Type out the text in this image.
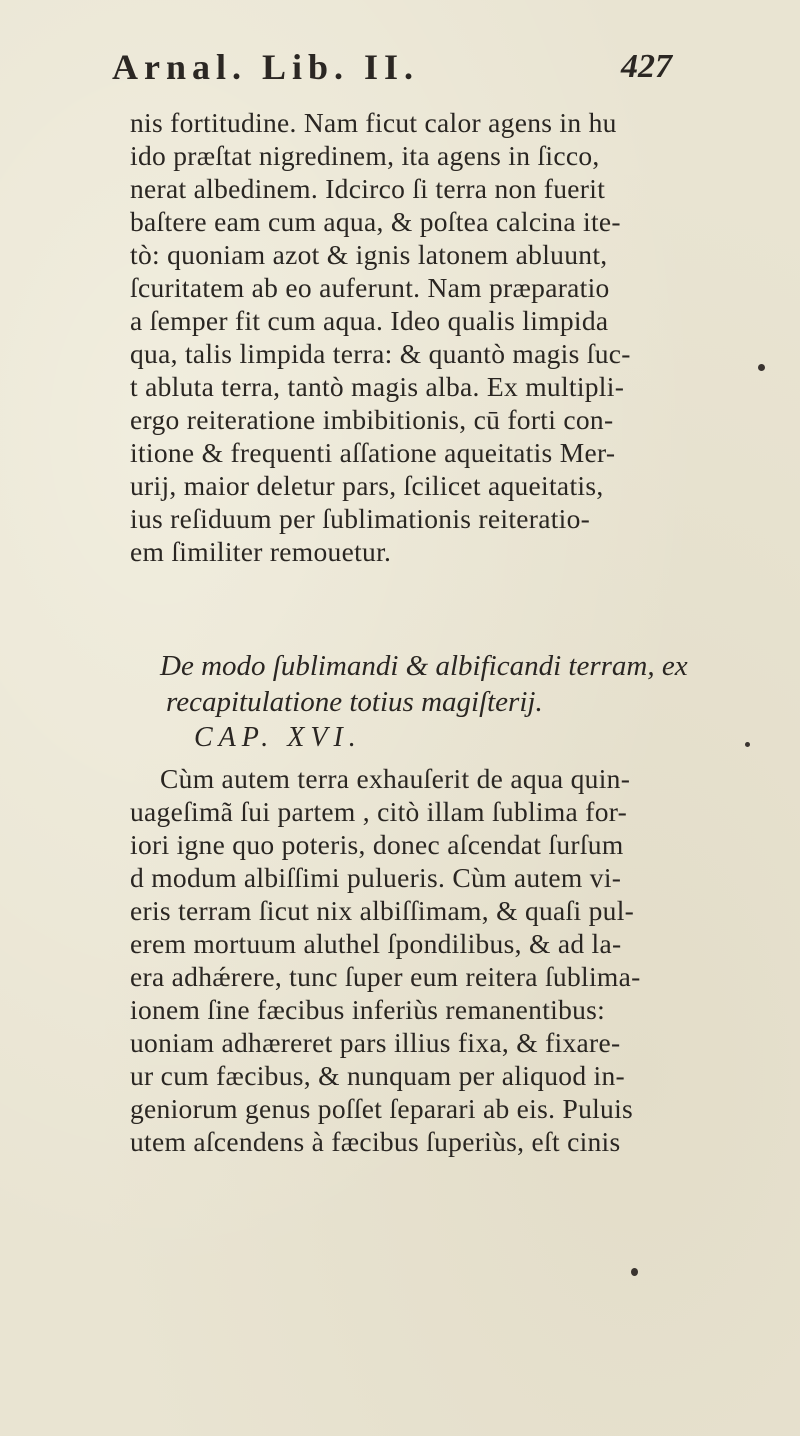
Arnal. Lib. II.	427
nis fortitudine. Nam ficut calor agens in hu
ido præſtat nigredinem, ita agens in ſicco,
nerat albedinem. Idcirco ſi terra non fuerit
baſtere eam cum aqua, & poſtea calcina ite-
tò: quoniam azot & ignis latonem abluunt,
ſcuritatem ab eo auferunt. Nam præparatio
a ſemper fit cum aqua. Ideo qualis limpida
qua, talis limpida terra: & quantò magis ſuc-
t abluta terra, tantò magis alba. Ex multipli-
ergo reiteratione imbibitionis, cū forti con-
itione & frequenti aſſatione aqueitatis Mer-
urij, maior deletur pars, ſcilicet aqueitatis,
ius reſiduum per ſublimationis reiteratio-
em ſimiliter remouetur.
De modo ſublimandi & albificandi terram, ex
recapitulatione totius magiſterij.
CAP. XVI.
Cùm autem terra exhauſerit de aqua quin-
uageſimã ſui partem , citò illam ſublima for-
iori igne quo poteris, donec aſcendat ſurſum
d modum albiſſimi pulueris. Cùm autem vi-
eris terram ſicut nix albiſſimam, & quaſi pul-
erem mortuum aluthel ſpondilibus, & ad la-
era adhǽrere, tunc ſuper eum reitera ſublima-
ionem ſine fæcibus inferiùs remanentibus:
uoniam adhæreret pars illius fixa, & fixare-
ur cum fæcibus, & nunquam per aliquod in-
geniorum genus poſſet ſeparari ab eis. Puluis
utem aſcendens à fæcibus ſuperiùs, eſt cinis
